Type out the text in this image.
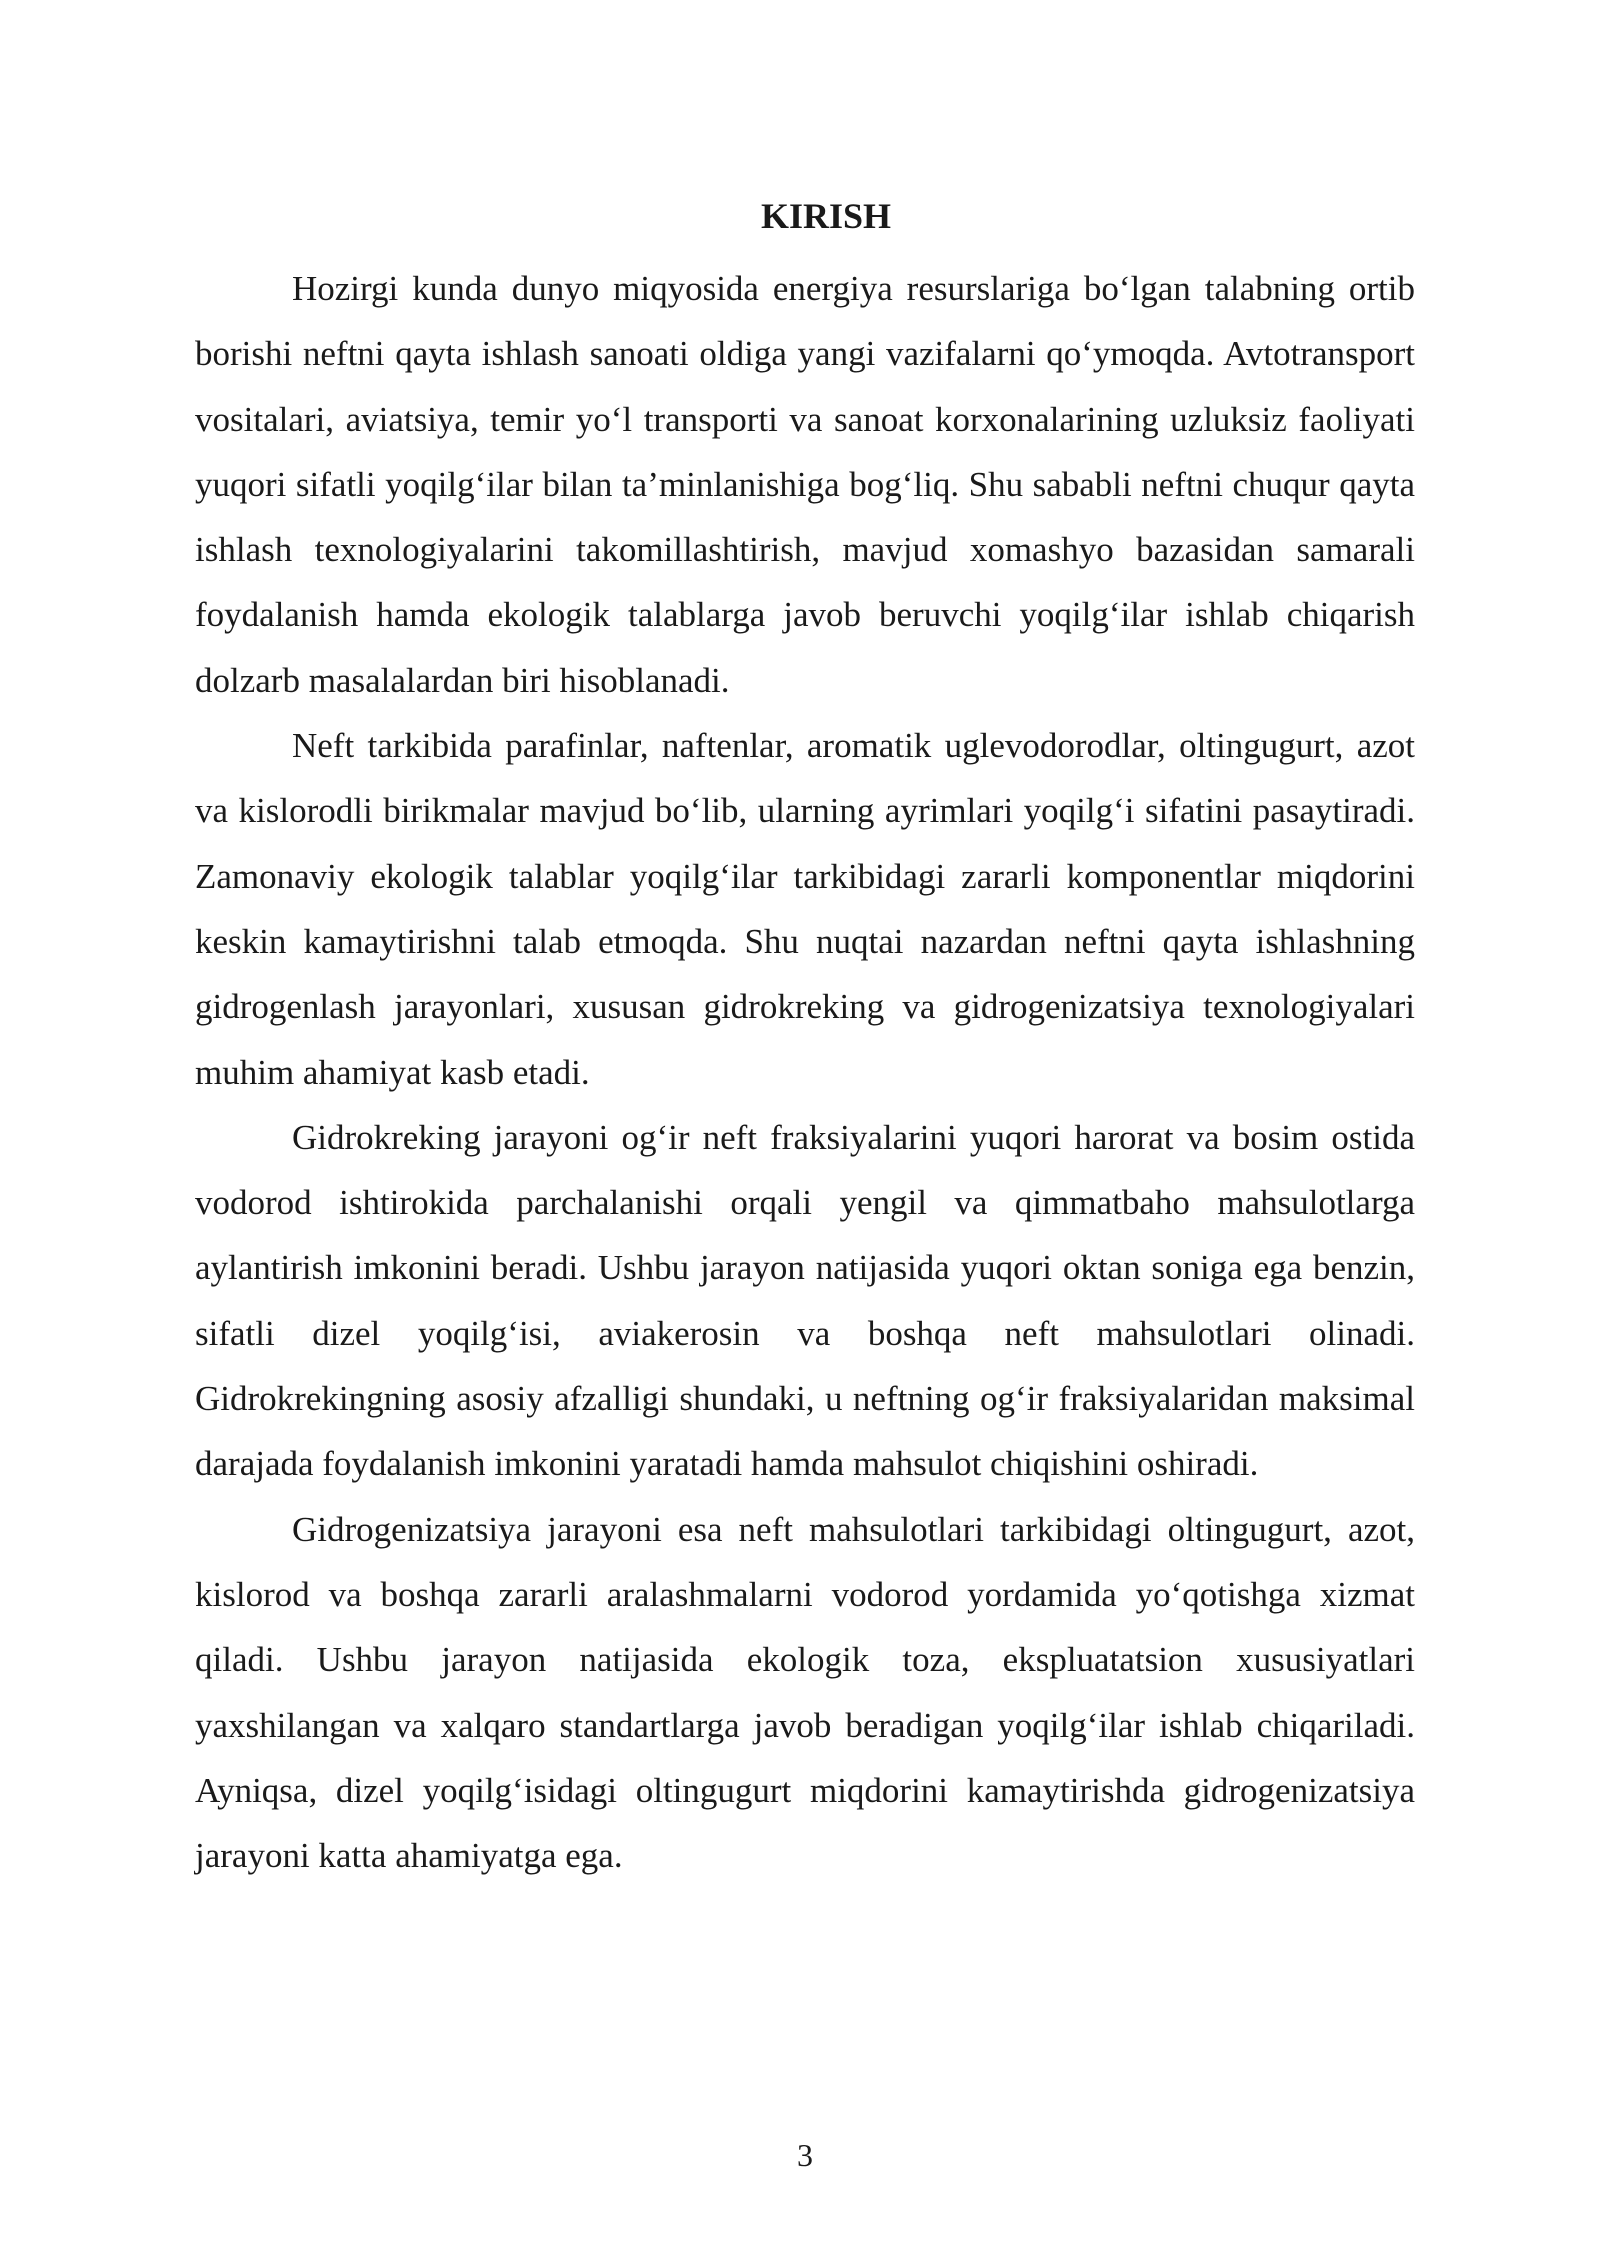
KIRISH

Hozirgi kunda dunyo miqyosida energiya resurslariga bo‘lgan talabning ortib borishi neftni qayta ishlash sanoati oldiga yangi vazifalarni qo‘ymoqda. Avtotransport vositalari, aviatsiya, temir yo‘l transporti va sanoat korxonalarining uzluksiz faoliyati yuqori sifatli yoqilg‘ilar bilan ta’minlanishiga bog‘liq. Shu sababli neftni chuqur qayta ishlash texnologiyalarini takomillashtirish, mavjud xomashyo bazasidan samarali foydalanish hamda ekologik talablarga javob beruvchi yoqilg‘ilar ishlab chiqarish dolzarb masalalardan biri hisoblanadi.

Neft tarkibida parafinlar, naftenlar, aromatik uglevodorodlar, oltingugurt, azot va kislorodli birikmalar mavjud bo‘lib, ularning ayrimlari yoqilg‘i sifatini pasaytiradi. Zamonaviy ekologik talablar yoqilg‘ilar tarkibidagi zararli komponentlar miqdorini keskin kamaytirishni talab etmoqda. Shu nuqtai nazardan neftni qayta ishlashning gidrogenlash jarayonlari, xususan gidrokreking va gidrogenizatsiya texnologiyalari muhim ahamiyat kasb etadi.

Gidrokreking jarayoni og‘ir neft fraksiyalarini yuqori harorat va bosim ostida vodorod ishtirokida parchalanishi orqali yengil va qimmatbaho mahsulotlarga aylantirish imkonini beradi. Ushbu jarayon natijasida yuqori oktan soniga ega benzin, sifatli dizel yoqilg‘isi, aviakerosin va boshqa neft mahsulotlari olinadi. Gidrokrekingning asosiy afzalligi shundaki, u neftning og‘ir fraksiyalaridan maksimal darajada foydalanish imkonini yaratadi hamda mahsulot chiqishini oshiradi.

Gidrogenizatsiya jarayoni esa neft mahsulotlari tarkibidagi oltingugurt, azot, kislorod va boshqa zararli aralashmalarni vodorod yordamida yo‘qotishga xizmat qiladi. Ushbu jarayon natijasida ekologik toza, ekspluatatsion xususiyatlari yaxshilangan va xalqaro standartlarga javob beradigan yoqilg‘ilar ishlab chiqariladi. Ayniqsa, dizel yoqilg‘isidagi oltingugurt miqdorini kamaytirishda gidrogenizatsiya jarayoni katta ahamiyatga ega.

3
